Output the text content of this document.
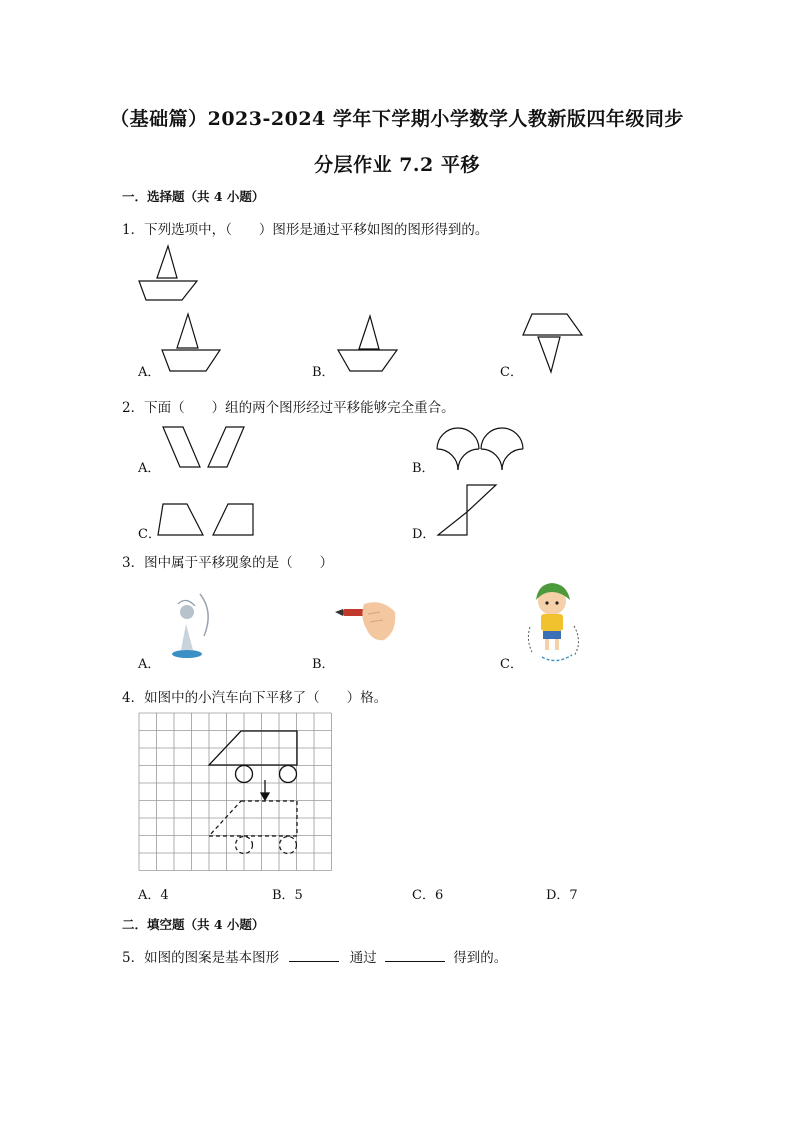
（基础篇）2023-2024 学年下学期小学数学人教新版四年级同步
分层作业 7.2 平移
一．选择题（共 4 小题）
1．下列选项中，（　　）图形是通过平移如图的图形得到的。
A．	B．	C．
2．下面（　　）组的两个图形经过平移能够完全重合。
A．	B．
C．	D．
3．图中属于平移现象的是（　　）
A．	B．	C．
4．如图中的小汽车向下平移了（　　）格。
A．4	B．5	C．6	D．7
二．填空题（共 4 小题）
5．如图的图案是基本图形	通过	得到的。
